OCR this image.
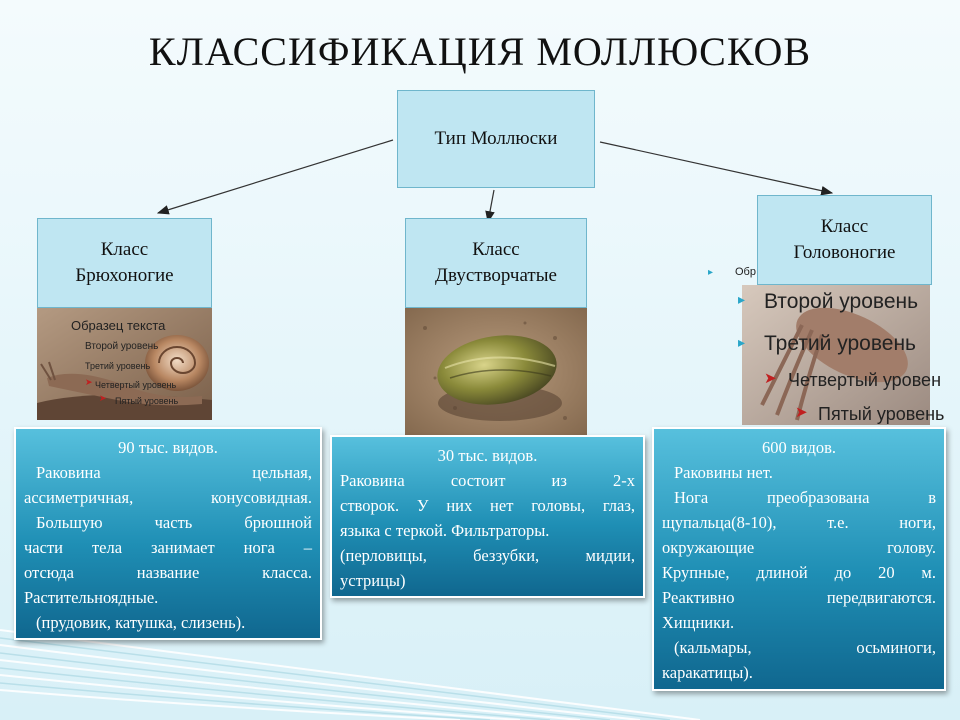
КЛАССИФИКАЦИЯ МОЛЛЮСКОВ
Тип Моллюски
Класс
Брюхоногие
Класс
Двустворчатые
Класс
Головоногие
Образец текста
Второй уровень
Третий уровень
➤ Четвертый уровень
➤ Пятый уровень
▸ Обр
▸ Второй уровень
▸ Третий уровень
➤ Четвертый уровен
➤ Пятый уровень
90 тыс. видов.
Раковина цельная,
ассиметричная, конусовидная.
Большую часть брюшной
части тела занимает нога –
отсюда название класса.
Растительноядные.
(прудовик, катушка, слизень).
30 тыс. видов.
Раковина состоит из 2-х
створок. У них нет головы, глаз,
языка с теркой. Фильтраторы.
(перловицы, беззубки, мидии,
устрицы)
600 видов.
Раковины нет.
Нога преобразована в
щупальца(8-10), т.е. ноги,
окружающие голову.
Крупные, длиной до 20 м.
Реактивно передвигаются.
Хищники.
(кальмары, осьминоги,
каракатицы).
